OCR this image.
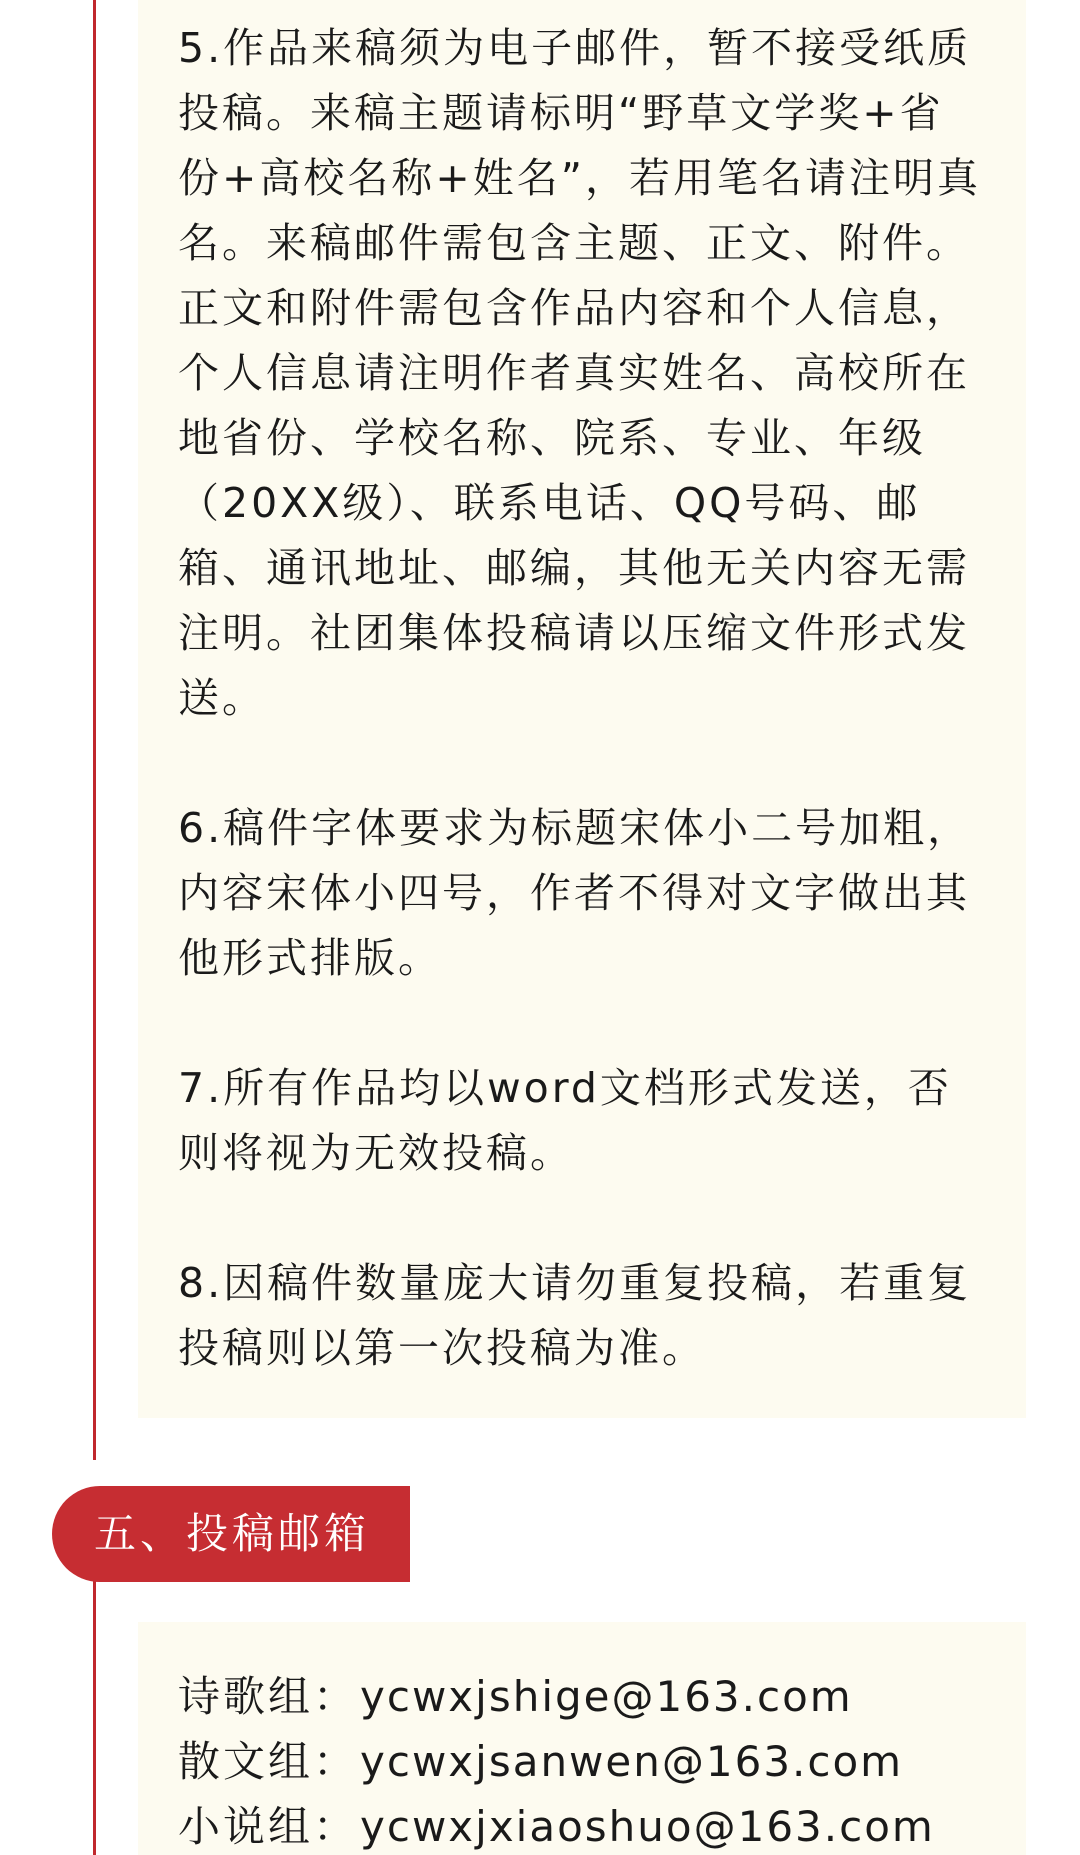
5.作品来稿须为电子邮件，暂不接受纸质投稿。来稿主题请标明“野草文学奖+省份+高校名称+姓名”，若用笔名请注明真名。来稿邮件需包含主题、正文、附件。正文和附件需包含作品内容和个人信息，个人信息请注明作者真实姓名、高校所在地省份、学校名称、院系、专业、年级（20XX级）、联系电话、QQ号码、邮箱、通讯地址、邮编，其他无关内容无需注明。社团集体投稿请以压缩文件形式发送。

6.稿件字体要求为标题宋体小二号加粗，内容宋体小四号，作者不得对文字做出其他形式排版。

7.所有作品均以word文档形式发送，否则将视为无效投稿。

8.因稿件数量庞大请勿重复投稿，若重复投稿则以第一次投稿为准。

五、投稿邮箱
诗歌组：ycwxjshige@163.com
散文组：ycwxjsanwen@163.com
小说组：ycwxjxiaoshuo@163.com
